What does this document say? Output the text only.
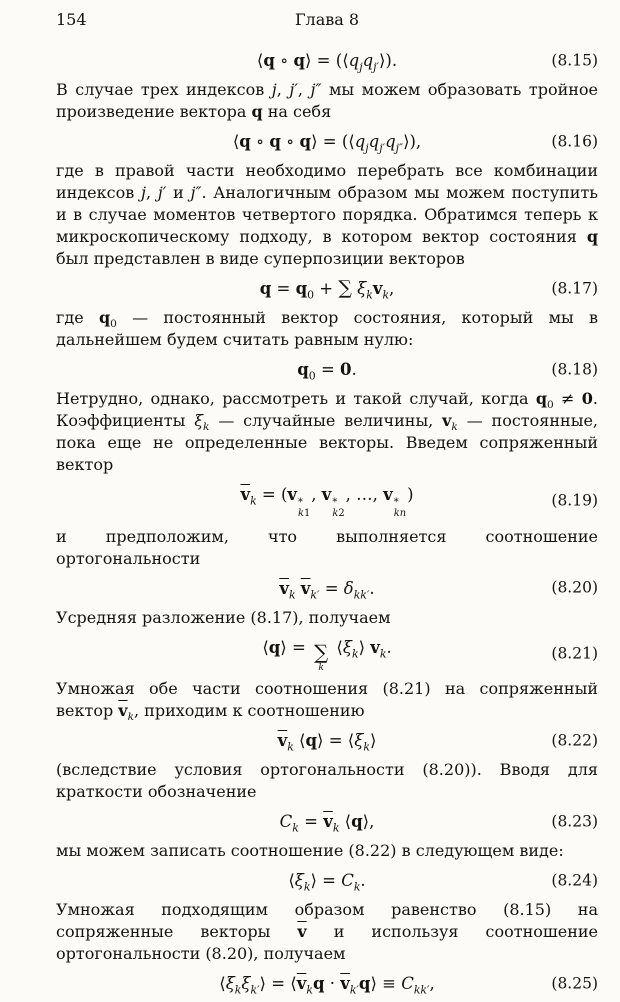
154	Глава 8
⟨q ∘ q⟩ = $(⟨q_jq_{j'}⟩)$.	(8.15)

В случае трех индексов j, j′, j″ мы можем образовать тройное произведение вектора q на себя

⟨q ∘ q ∘ q⟩ = $(⟨q_jq_{j'}q_{j''}⟩)$,	(8.16)

где в правой части необходимо перебрать все комбинации индексов j, j′ и j″. Аналогичным образом мы можем поступить и в случае моментов четвертого порядка. Обратимся теперь к микроскопическому подходу, в котором вектор состояния q был представлен в виде суперпозиции векторов

$q = q_0$ + ∑ $\xi_kv_k$,	(8.17)

где $q_0$ — постоянный вектор состояния, который мы в дальнейшем будем считать равным нулю:

$q_0 = 0$.	(8.18)

Нетрудно, однако, рассмотреть и такой случай, когда $q_0 \ne 0$. Коэффициенты $\xi_k$ — случайные величины, $v_k$ — постоянные, пока еще не определенные векторы. Введем сопряженный вектор

$\overline{v}_k = (v$ *
k1
, v *
k2
, …, v *
kn
)	(8.19)

и предположим, что выполняется соотношение ортогональности

$\overline{v}_k$ $\overline{v}_{k'} = \delta_{kk'}$.	(8.20)

Усредняя разложение (8.17), получаем

⟨q⟩ = ∑
k
$⟨\xi_k⟩$ $v_k$.	(8.21)

Умножая обе части соотношения (8.21) на сопряженный вектор $\overline{v}_k$, приходим к соотношению

$\overline{v}_k$ ⟨q⟩ = $⟨\xi_k⟩$	(8.22)

(вследствие условия ортогональности (8.20)). Вводя для краткости обозначение

$C_k = \overline{v}_k$ ⟨q⟩,	(8.23)

мы можем записать соотношение (8.22) в следующем виде:

$⟨\xi_k⟩ = C_k$.	(8.24)

Умножая подходящим образом равенство (8.15) на сопряженные векторы $\overline{v}$ и используя соотношение ортогональности (8.20), получаем

$⟨\xi_k\xi_{k'}⟩$ = $⟨\overline{v}_kq$ · $\overline{v}_{k'}q⟩ \equiv C_{kk'}$,	(8.25)
